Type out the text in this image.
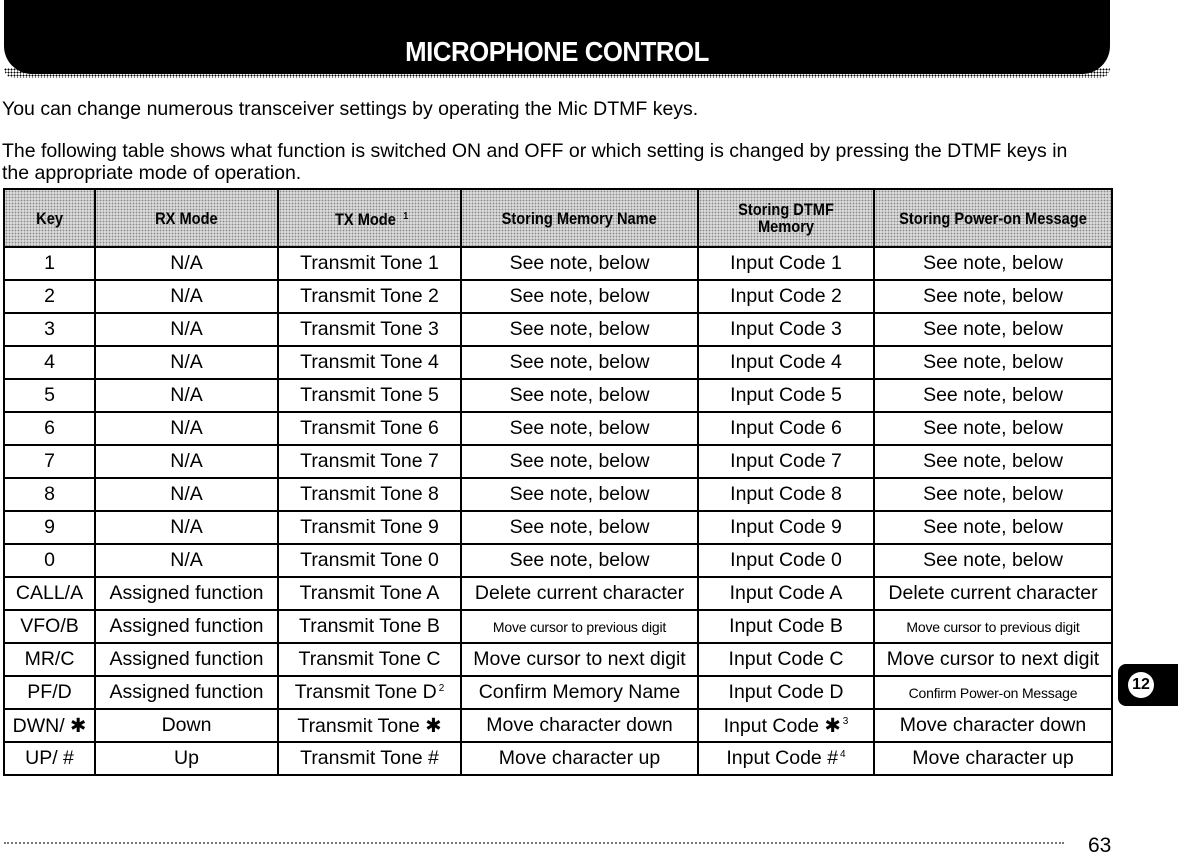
MICROPHONE CONTROL
You can change numerous transceiver settings by operating the Mic DTMF keys.
The following table shows what function is switched ON and OFF or which setting is changed by pressing the DTMF keys in the appropriate mode of operation.
Key	RX Mode	TX Mode 1	Storing Memory Name	Storing DTMF Memory	Storing Power-on Message
1	N/A	Transmit Tone 1	See note, below	Input Code 1	See note, below
2	N/A	Transmit Tone 2	See note, below	Input Code 2	See note, below
3	N/A	Transmit Tone 3	See note, below	Input Code 3	See note, below
4	N/A	Transmit Tone 4	See note, below	Input Code 4	See note, below
5	N/A	Transmit Tone 5	See note, below	Input Code 5	See note, below
6	N/A	Transmit Tone 6	See note, below	Input Code 6	See note, below
7	N/A	Transmit Tone 7	See note, below	Input Code 7	See note, below
8	N/A	Transmit Tone 8	See note, below	Input Code 8	See note, below
9	N/A	Transmit Tone 9	See note, below	Input Code 9	See note, below
0	N/A	Transmit Tone 0	See note, below	Input Code 0	See note, below
CALL/A	Assigned function	Transmit Tone A	Delete current character	Input Code A	Delete current character
VFO/B	Assigned function	Transmit Tone B	Move cursor to previous digit	Input Code B	Move cursor to previous digit
MR/C	Assigned function	Transmit Tone C	Move cursor to next digit	Input Code C	Move cursor to next digit
PF/D	Assigned function	Transmit Tone D $^2$	Confirm Memory Name	Input Code D	Confirm Power-on Message
DWN/ ✱	Down	Transmit Tone ✱	Move character down	Input Code ✱ $^3$	Move character down
UP/ #	Up	Transmit Tone #	Move character up	Input Code # $^4$	Move character up
12
63
